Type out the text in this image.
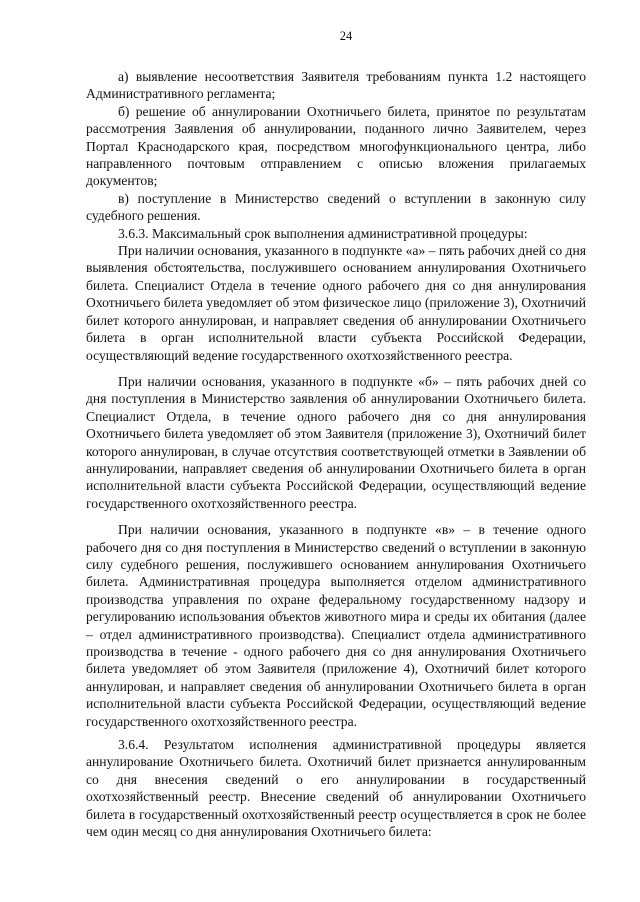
24

а) выявление несоответствия Заявителя требованиям пункта 1.2 настоящего Административного регламента;

б) решение об аннулировании Охотничьего билета, принятое по результатам рассмотрения Заявления об аннулировании, поданного лично Заявителем, через Портал Краснодарского края, посредством многофункционального центра, либо направленного почтовым отправлением с описью вложения прилагаемых документов;

в) поступление в Министерство сведений о вступлении в законную силу судебного решения.

3.6.3. Максимальный срок выполнения административной процедуры:

При наличии основания, указанного в подпункте «а» – пять рабочих дней со дня выявления обстоятельства, послужившего основанием аннулирования Охотничьего билета. Специалист Отдела в течение одного рабочего дня со дня аннулирования Охотничьего билета уведомляет об этом физическое лицо (приложение 3), Охотничий билет которого аннулирован, и направляет сведения об аннулировании Охотничьего билета в орган исполнительной власти субъекта Российской Федерации, осуществляющий ведение государственного охотхозяйственного реестра.

При наличии основания, указанного в подпункте «б» – пять рабочих дней со дня поступления в Министерство заявления об аннулировании Охотничьего билета. Специалист Отдела, в течение одного рабочего дня со дня аннулирования Охотничьего билета уведомляет об этом Заявителя (приложение 3), Охотничий билет которого аннулирован, в случае отсутствия соответствующей отметки в Заявлении об аннулировании, направляет сведения об аннулировании Охотничьего билета в орган исполнительной власти субъекта Российской Федерации, осуществляющий ведение государственного охотхозяйственного реестра.

При наличии основания, указанного в подпункте «в» – в течение одного рабочего дня со дня поступления в Министерство сведений о вступлении в законную силу судебного решения, послужившего основанием аннулирования Охотничьего билета. Административная процедура выполняется отделом административного производства управления по охране федеральному государственному надзору и регулированию использования объектов животного мира и среды их обитания (далее – отдел административного производства). Специалист отдела административного производства в течение - одного рабочего дня со дня аннулирования Охотничьего билета уведомляет об этом Заявителя (приложение 4), Охотничий билет которого аннулирован, и направляет сведения об аннулировании Охотничьего билета в орган исполнительной власти субъекта Российской Федерации, осуществляющий ведение государственного охотхозяйственного реестра.

3.6.4. Результатом исполнения административной процедуры является аннулирование Охотничьего билета. Охотничий билет признается аннулированным со дня внесения сведений о его аннулировании в государственный охотхозяйственный реестр. Внесение сведений об аннулировании Охотничьего билета в государственный охотхозяйственный реестр осуществляется в срок не более чем один месяц со дня аннулирования Охотничьего билета:
